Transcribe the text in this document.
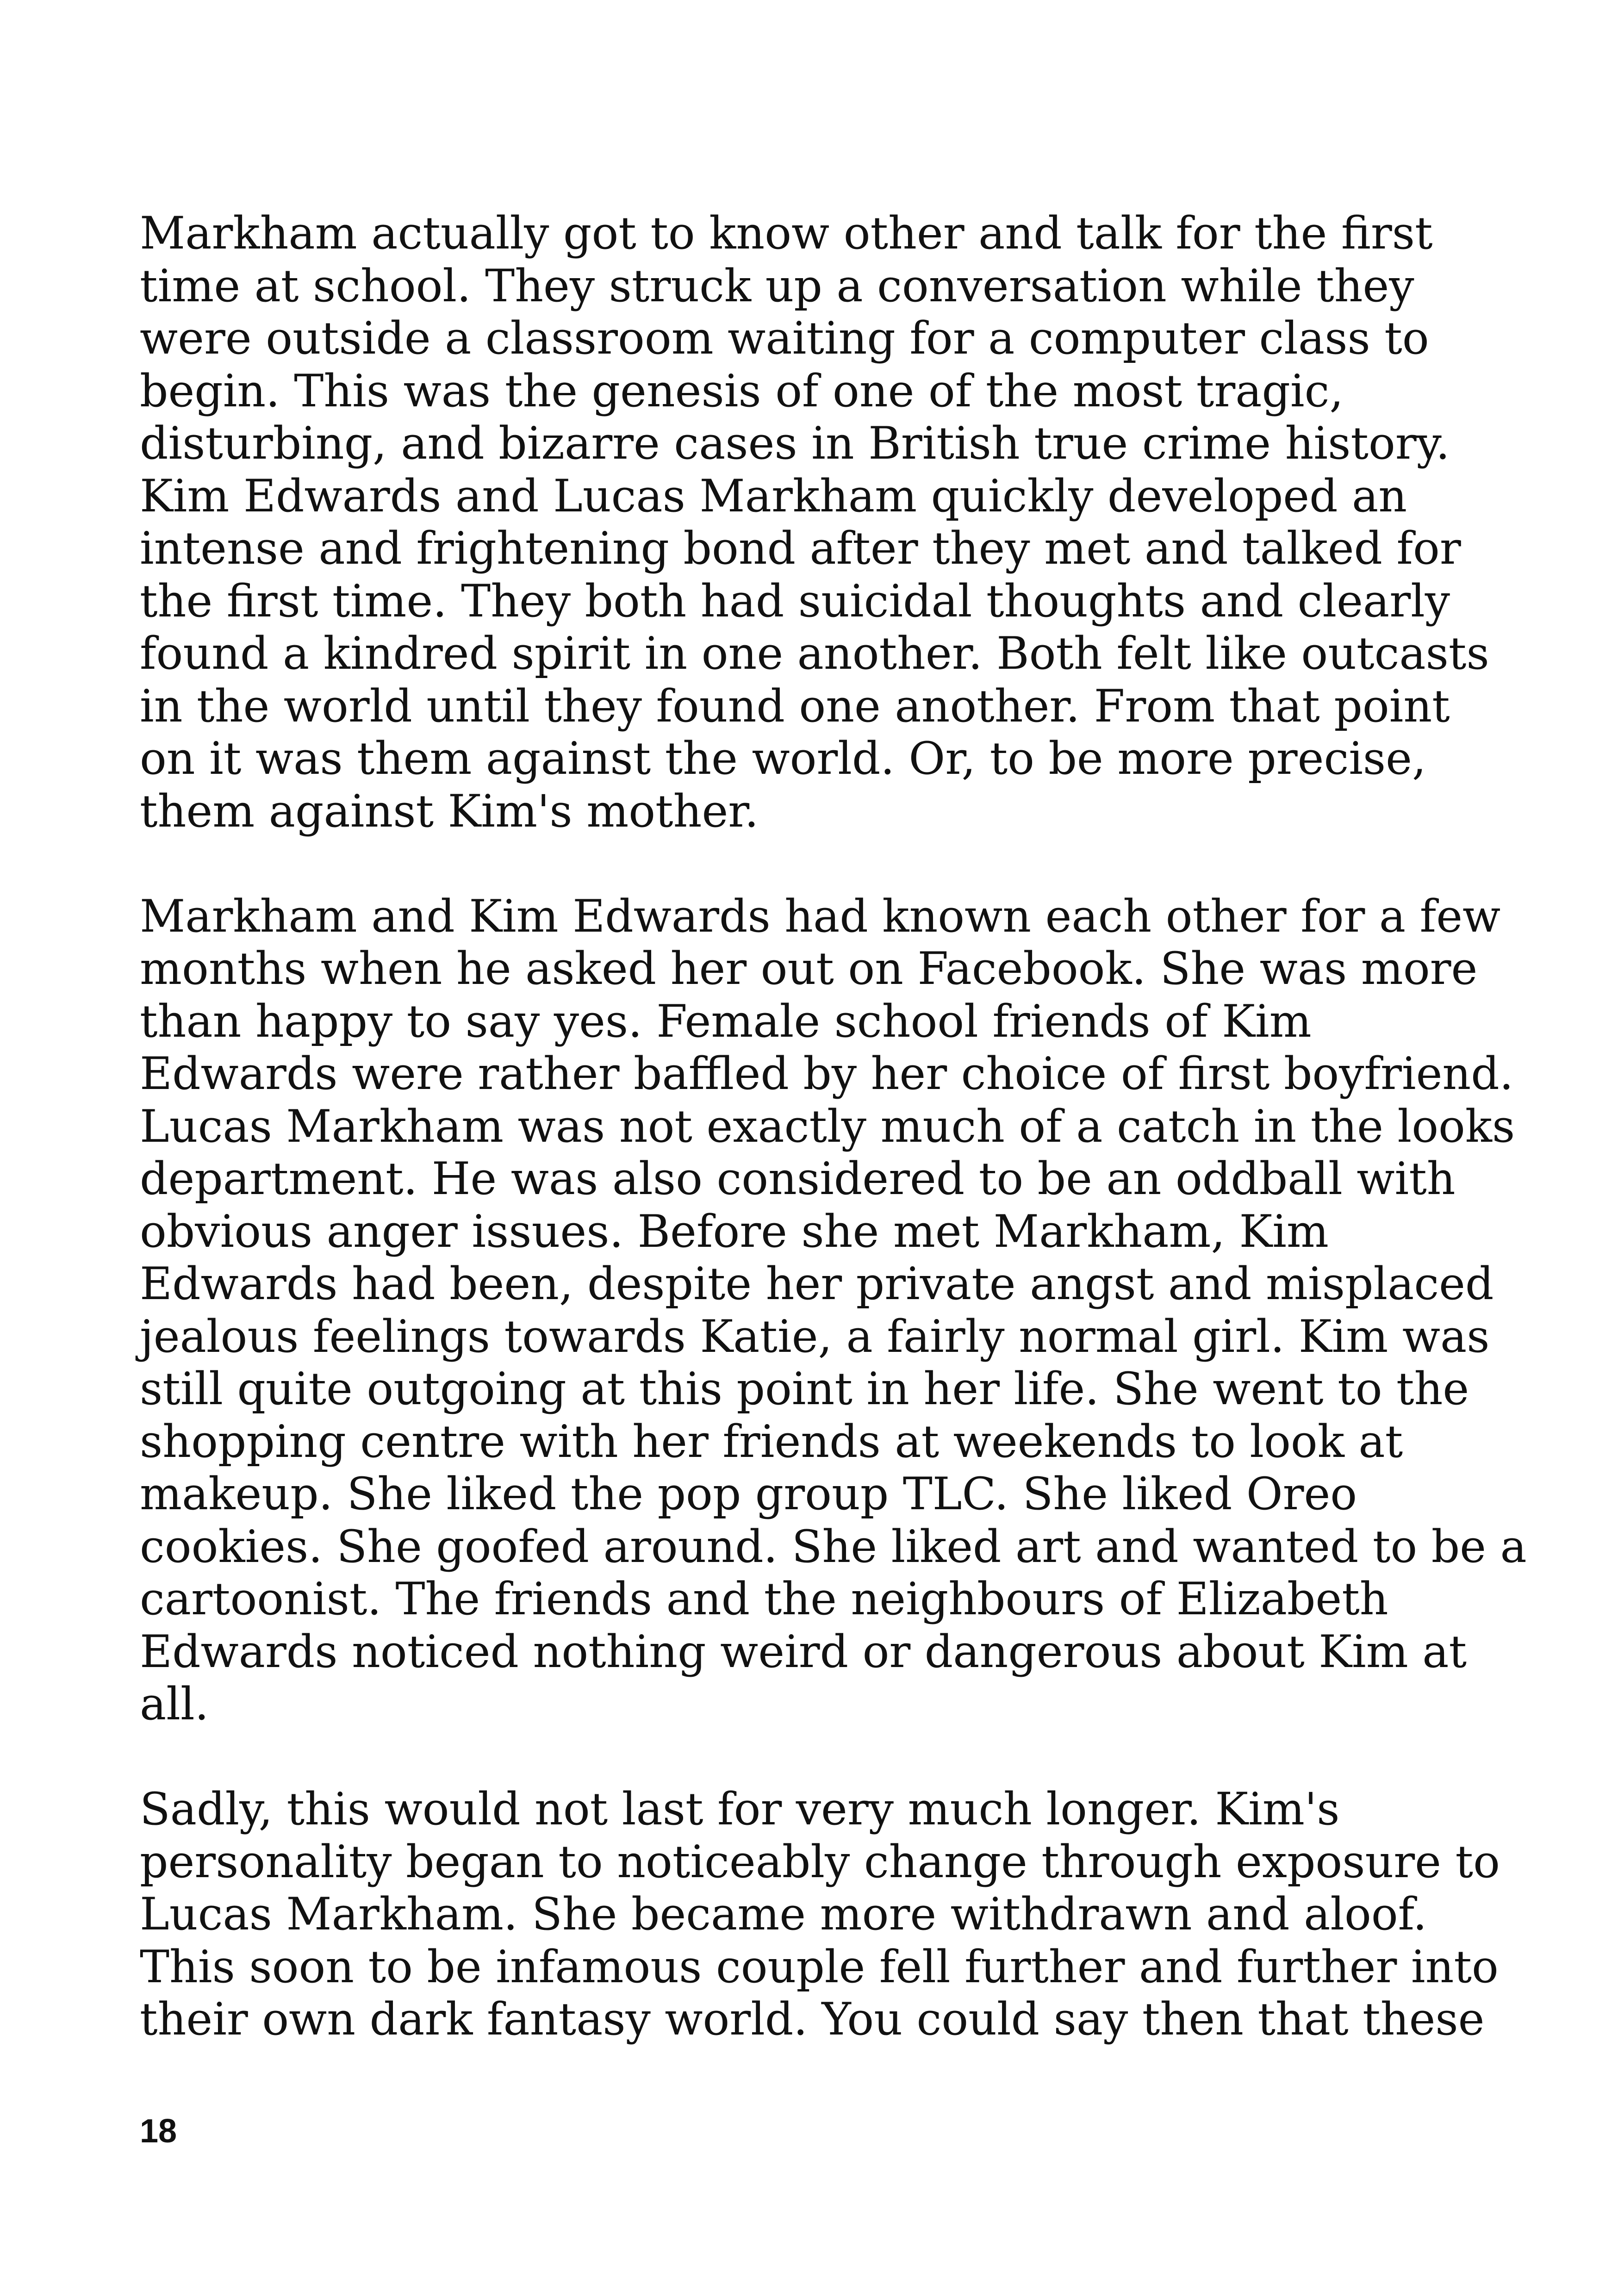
Markham actually got to know other and talk for the first
time at school. They struck up a conversation while they
were outside a classroom waiting for a computer class to
begin. This was the genesis of one of the most tragic,
disturbing, and bizarre cases in British true crime history.
Kim Edwards and Lucas Markham quickly developed an
intense and frightening bond after they met and talked for
the first time. They both had suicidal thoughts and clearly
found a kindred spirit in one another. Both felt like outcasts
in the world until they found one another. From that point
on it was them against the world. Or, to be more precise,
them against Kim's mother.

Markham and Kim Edwards had known each other for a few
months when he asked her out on Facebook. She was more
than happy to say yes. Female school friends of Kim
Edwards were rather baffled by her choice of first boyfriend.
Lucas Markham was not exactly much of a catch in the looks
department. He was also considered to be an oddball with
obvious anger issues. Before she met Markham, Kim
Edwards had been, despite her private angst and misplaced
jealous feelings towards Katie, a fairly normal girl. Kim was
still quite outgoing at this point in her life. She went to the
shopping centre with her friends at weekends to look at
makeup. She liked the pop group TLC. She liked Oreo
cookies. She goofed around. She liked art and wanted to be a
cartoonist. The friends and the neighbours of Elizabeth
Edwards noticed nothing weird or dangerous about Kim at
all.

Sadly, this would not last for very much longer. Kim's
personality began to noticeably change through exposure to
Lucas Markham. She became more withdrawn and aloof.
This soon to be infamous couple fell further and further into
their own dark fantasy world. You could say then that these

18
